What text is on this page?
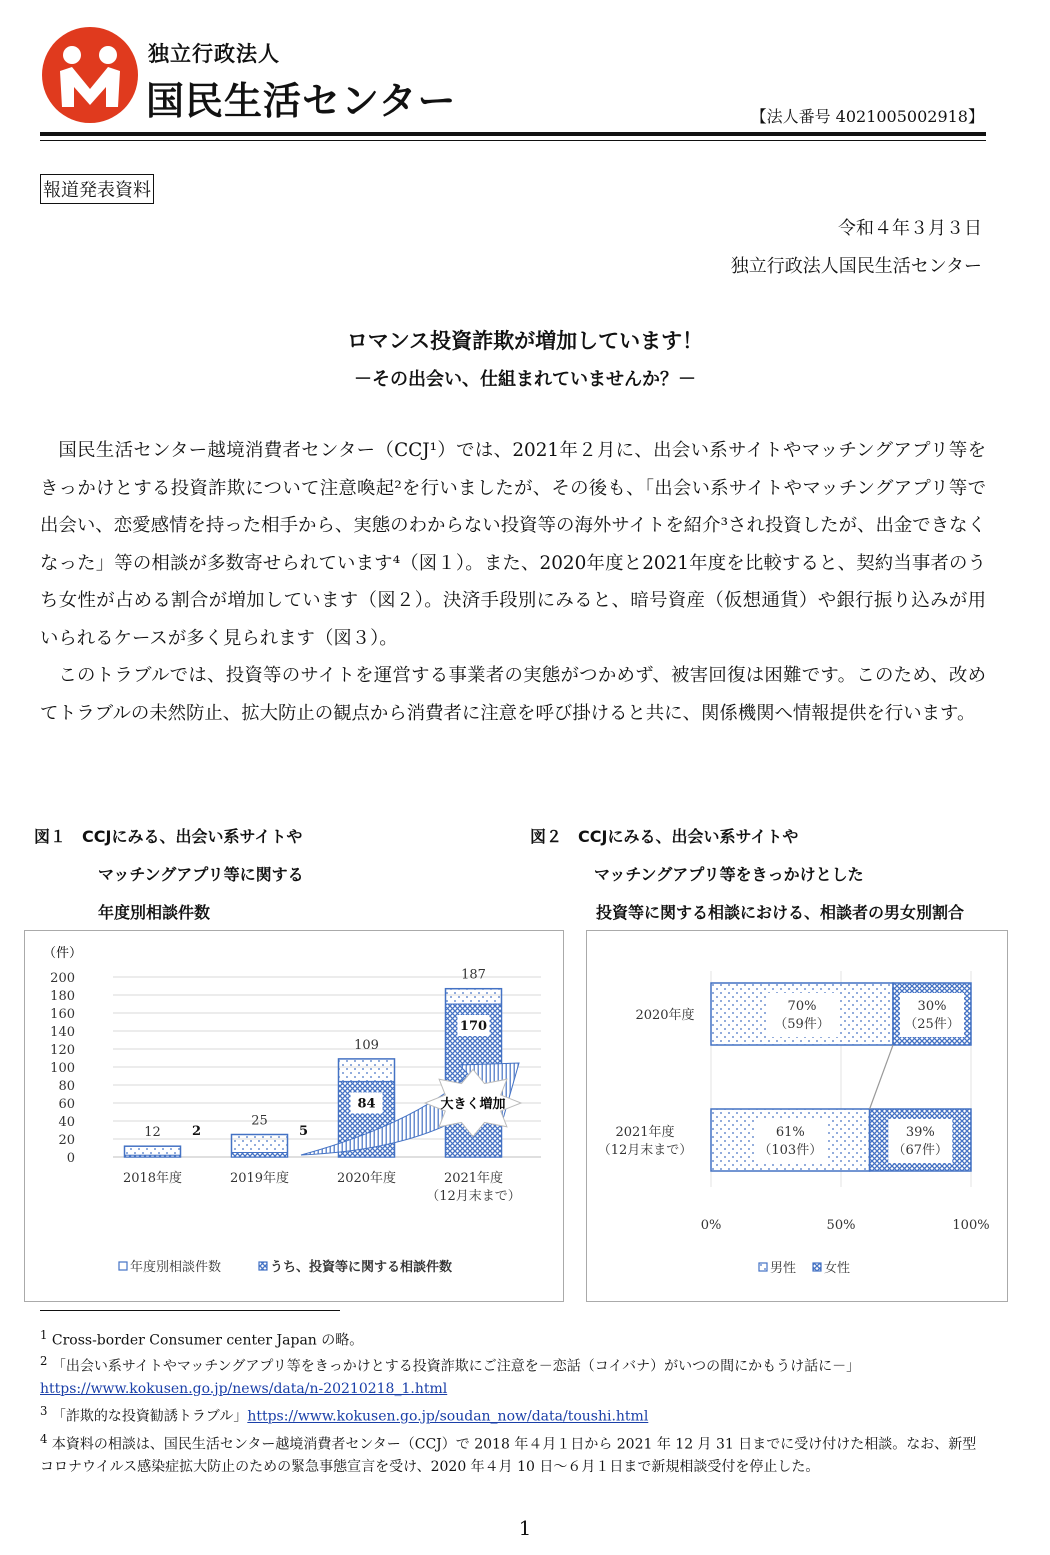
独立行政法人
国民生活センター	【法人番号 4021005002918】
報道発表資料
令和４年３月３日
独立行政法人国民生活センター
ロマンス投資詐欺が増加しています！
－その出会い、仕組まれていませんか？－

国民生活センター越境消費者センター（CCJ¹）では、2021年２月に、出会い系サイトやマッチングアプリ等をきっかけとする投資詐欺について注意喚起²を行いましたが、その後も、「出会い系サイトやマッチングアプリ等で出会い、恋愛感情を持った相手から、実態のわからない投資等の海外サイトを紹介³され投資したが、出金できなくなった」等の相談が多数寄せられています⁴（図１）。また、2020年度と2021年度を比較すると、契約当事者のうち女性が占める割合が増加しています（図２）。決済手段別にみると、暗号資産（仮想通貨）や銀行振り込みが用いられるケースが多く見られます（図３）。

このトラブルでは、投資等のサイトを運営する事業者の実態がつかめず、被害回復は困難です。このため、改めてトラブルの未然防止、拡大防止の観点から消費者に注意を呼び掛けると共に、関係機関へ情報提供を行います。

図１　CCJにみる、出会い系サイトや
マッチングアプリ等に関する
年度別相談件数
図２　CCJにみる、出会い系サイトや
マッチングアプリ等をきっかけとした
投資等に関する相談における、相談者の男女別割合
（件）
0
20
40
60
80
100
120
140
160
180
200
12 2
2018年度
25
5
2019年度
109
84
2020年度
187
170
2021年度
（12月末まで）
大きく増加
年度別相談件数	うち、投資等に関する相談件数
0%	50%	100%
70%
（59件）
30%
（25件）
2020年度
61%
（103件）
39%
（67件）
2021年度
（12月末まで）
男性 女性
$^1$ Cross-border Consumer center Japan の略。
$^2$ 「出会い系サイトやマッチングアプリ等をきっかけとする投資詐欺にご注意を－恋話（コイバナ）がいつの間にかもうけ話に－」https://www.kokusen.go.jp/news/data/n-20210218_1.html
$^3$ 「詐欺的な投資勧誘トラブル」https://www.kokusen.go.jp/soudan_now/data/toushi.html
$^4$ 本資料の相談は、国民生活センター越境消費者センター（CCJ）で 2018 年４月１日から 2021 年 12 月 31 日までに受け付けた相談。なお、新型コロナウイルス感染症拡大防止のための緊急事態宣言を受け、2020 年４月 10 日～６月１日まで新規相談受付を停止した。
1
